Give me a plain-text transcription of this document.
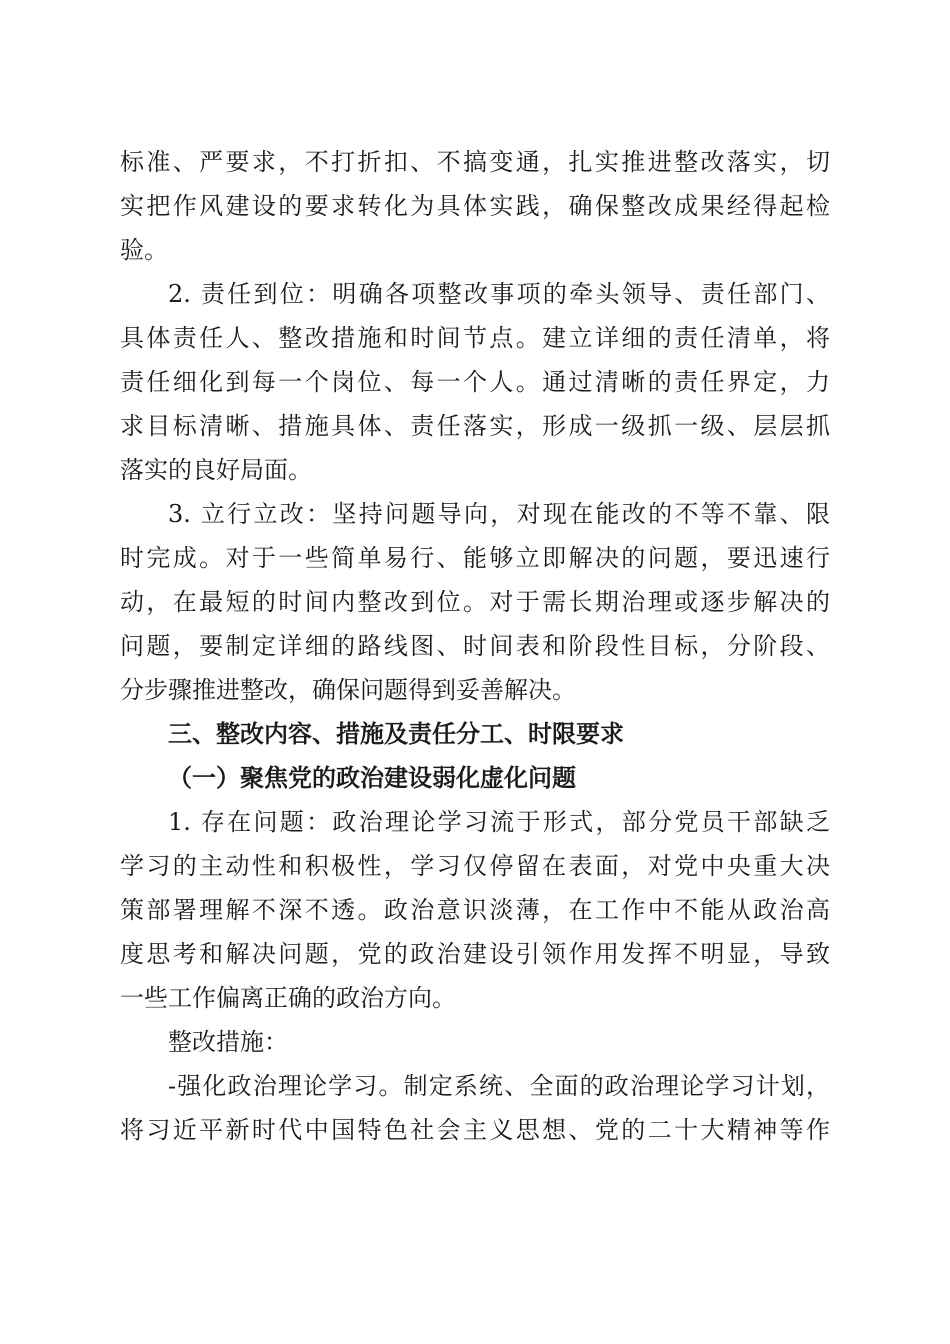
标准、严要求，不打折扣、不搞变通，扎实推进整改落实，切
实把作风建设的要求转化为具体实践，确保整改成果经得起检
验。
2. 责任到位：明确各项整改事项的牵头领导、责任部门、
具体责任人、整改措施和时间节点。建立详细的责任清单，将
责任细化到每一个岗位、每一个人。通过清晰的责任界定，力
求目标清晰、措施具体、责任落实，形成一级抓一级、层层抓
落实的良好局面。
3. 立行立改：坚持问题导向，对现在能改的不等不靠、限
时完成。对于一些简单易行、能够立即解决的问题，要迅速行
动，在最短的时间内整改到位。对于需长期治理或逐步解决的
问题，要制定详细的路线图、时间表和阶段性目标，分阶段、
分步骤推进整改，确保问题得到妥善解决。
三、整改内容、措施及责任分工、时限要求
（一）聚焦党的政治建设弱化虚化问题
1. 存在问题：政治理论学习流于形式，部分党员干部缺乏
学习的主动性和积极性，学习仅停留在表面，对党中央重大决
策部署理解不深不透。政治意识淡薄，在工作中不能从政治高
度思考和解决问题，党的政治建设引领作用发挥不明显，导致
一些工作偏离正确的政治方向。
整改措施：
-强化政治理论学习。制定系统、全面的政治理论学习计划，
将习近平新时代中国特色社会主义思想、党的二十大精神等作
